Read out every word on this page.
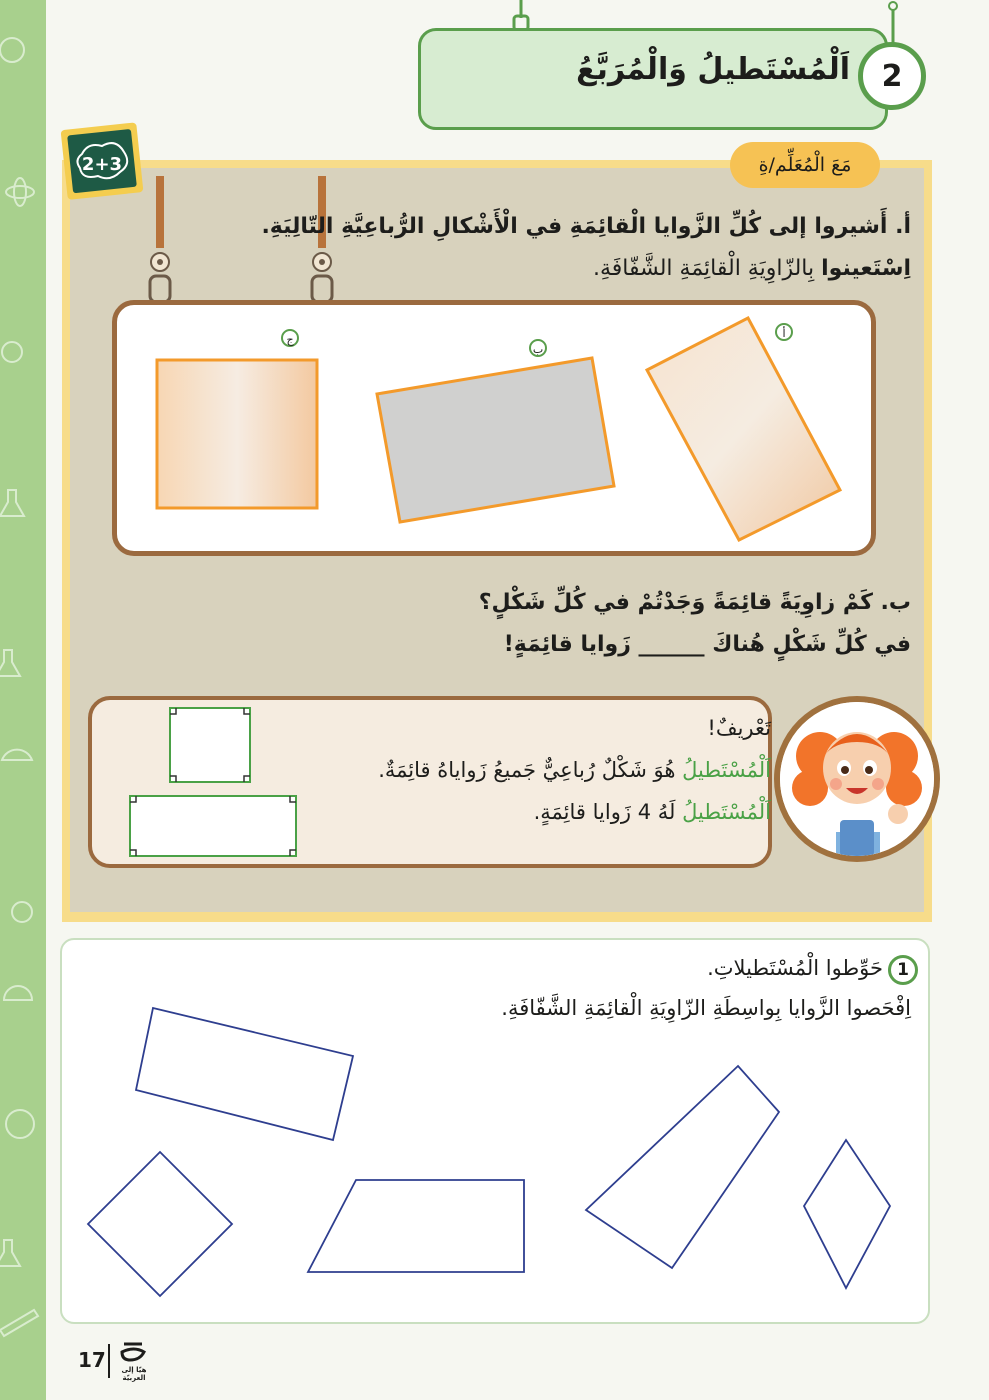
اَلْمُسْتَطيلُ وَالْمُرَبَّعُ	2
2+3	مَعَ الْمُعَلِّم/ةِ
أ. أَشيروا إلى كُلِّ الزَّوايا الْقائِمَةِ في الْأَشْكالِ الرُّباعِيَّةِ التّالِيَةِ.
اِسْتَعينوا بِالزّاوِيَةِ الْقائِمَةِ الشَّفّافَةِ.
ج
ب
أ
ب. كَمْ زاوِيَةً قائِمَةً وَجَدْتُمْ في كُلِّ شَكْلٍ؟
في كُلِّ شَكْلٍ هُناكَ ______ زَوايا قائِمَةٍ!
تَعْريفٌ!
اَلْمُسْتَطيلُ هُوَ شَكْلٌ رُباعِيٌّ جَميعُ زَواياهُ قائِمَةٌ.
اَلْمُسْتَطيلُ لَهُ 4 زَوايا قائِمَةٍ.
1
حَوِّطوا الْمُسْتَطيلاتِ.
اِفْحَصوا الزَّوايا بِواسِطَةِ الزّاوِيَةِ الْقائِمَةِ الشَّفّافَةِ.
17	هيّا إلى العربيّة
